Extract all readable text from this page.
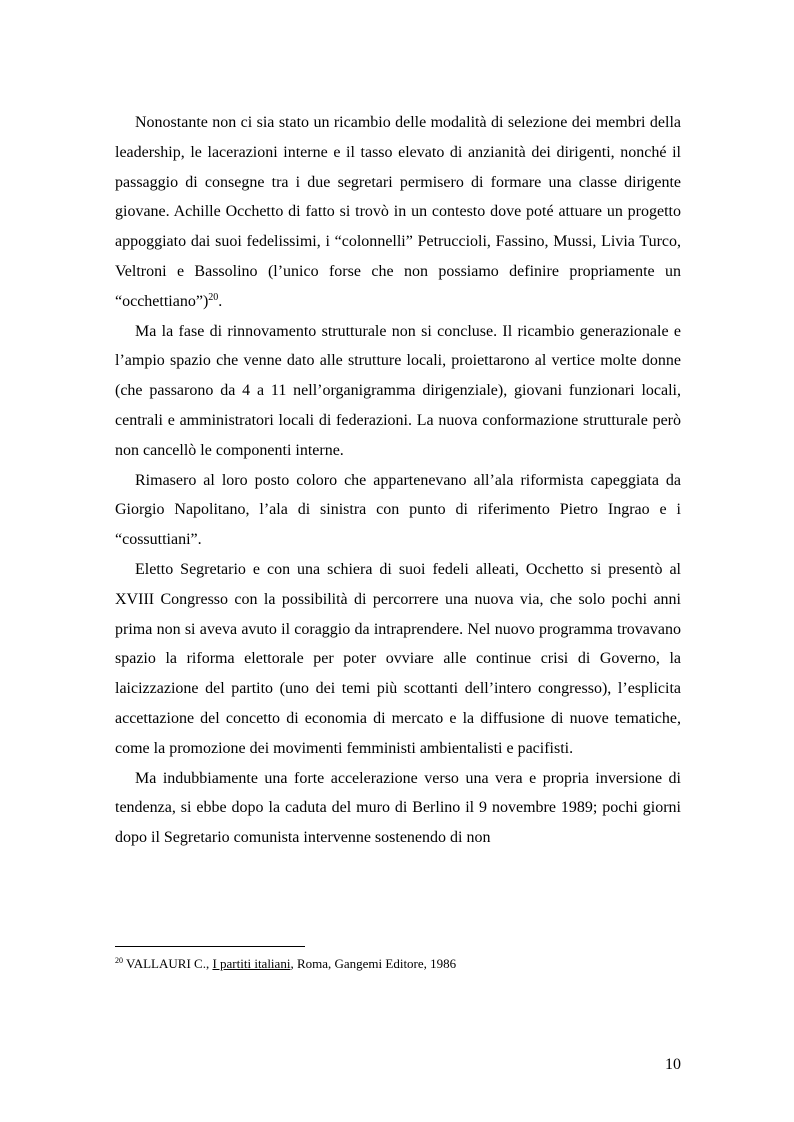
Nonostante non ci sia stato un ricambio delle modalità di selezione dei membri della leadership, le lacerazioni interne e il tasso elevato di anzianità dei dirigenti, nonché il passaggio di consegne tra i due segretari permisero di formare una classe dirigente giovane. Achille Occhetto di fatto si trovò in un contesto dove poté attuare un progetto appoggiato dai suoi fedelissimi, i “colonnelli” Petruccioli, Fassino, Mussi, Livia Turco, Veltroni e Bassolino (l’unico forse che non possiamo definire propriamente un “occhettiano”)$^{20}$.

Ma la fase di rinnovamento strutturale non si concluse. Il ricambio generazionale e l’ampio spazio che venne dato alle strutture locali, proiettarono al vertice molte donne (che passarono da 4 a 11 nell’organigramma dirigenziale), giovani funzionari locali, centrali e amministratori locali di federazioni. La nuova conformazione strutturale però non cancellò le componenti interne.

Rimasero al loro posto coloro che appartenevano all’ala riformista capeggiata da Giorgio Napolitano, l’ala di sinistra con punto di riferimento Pietro Ingrao e i “cossuttiani”.

Eletto Segretario e con una schiera di suoi fedeli alleati, Occhetto si presentò al XVIII Congresso con la possibilità di percorrere una nuova via, che solo pochi anni prima non si aveva avuto il coraggio da intraprendere. Nel nuovo programma trovavano spazio la riforma elettorale per poter ovviare alle continue crisi di Governo, la laicizzazione del partito (uno dei temi più scottanti dell’intero congresso), l’esplicita accettazione del concetto di economia di mercato e la diffusione di nuove tematiche, come la promozione dei movimenti femministi ambientalisti e pacifisti.

Ma indubbiamente una forte accelerazione verso una vera e propria inversione di tendenza, si ebbe dopo la caduta del muro di Berlino il 9 novembre 1989; pochi giorni dopo il Segretario comunista intervenne sostenendo di non

$^{20}$ VALLAURI C., I partiti italiani, Roma, Gangemi Editore, 1986
10
